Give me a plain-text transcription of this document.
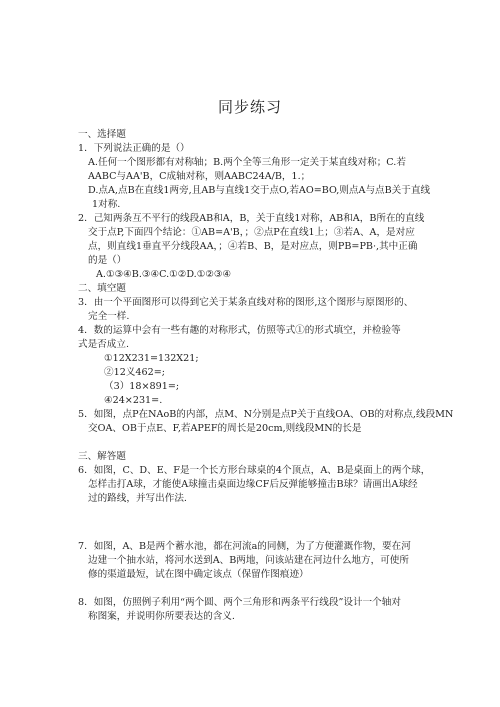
同步练习
一、选择题
1．下列说法正确的是（）
A.任何一个图形都有对称轴；B.两个全等三角形一定关于某直线对称；C.若
AABC与AA'B，C成轴对称，则AABC24A/B，1.；
D.点A,点B在直线1两旁,且AB与直线1交于点O,若AO=BO,则点A与点B关于直线
1对称.
2．己知两条互不平行的线段AB和A，B，关于直线1对称，AB和A，B所在的直线
交于点P,下面四个结论：①AB=A'B，；②点P在直线1上；③若A、A，是对应
点，则直线1垂直平分线段AA，；④若B、B，是对应点，则PB=PB·,其中正确
的是（）
A.①③④B.③④C.①②D.①②③④
二、填空题
3．由一个平面图形可以得到它关于某条直线对称的图形,这个图形与原图形的、
完全一样.
4．数的运算中会有一些有趣的对称形式，仿照等式①的形式填空，并检验等
式是否成立.
①12X231=132X21;
②12义462=;
（3）18×891=;
④24×231=.
5．如图，点P在NAoB的内部，点M、N分别是点P关于直线OA、OB的对称点,线段MN
交OA、OB于点E、F,若APEF的周长是20cm,则线段MN的长是
三、解答题
6．如图，C、D、E、F是一个长方形台球桌的4个顶点，A、B是桌面上的两个球，
怎样击打A球，才能使A球撞击桌面边缘CF后反弹能够撞击B球？请画出A球经
过的路线，并写出作法.
7．如图，A、B是两个蓄水池，都在河流a的同侧，为了方便灌溉作物，要在河
边建一个抽水站，将河水送到A、B两地，问该站建在河边什么地方，可使所
修的渠道最短，试在图中确定该点（保留作图痕迹）
8．如图，仿照例子利用“两个圆、两个三角形和两条平行线段”设计一个轴对
称图案，并说明你所要表达的含义.
